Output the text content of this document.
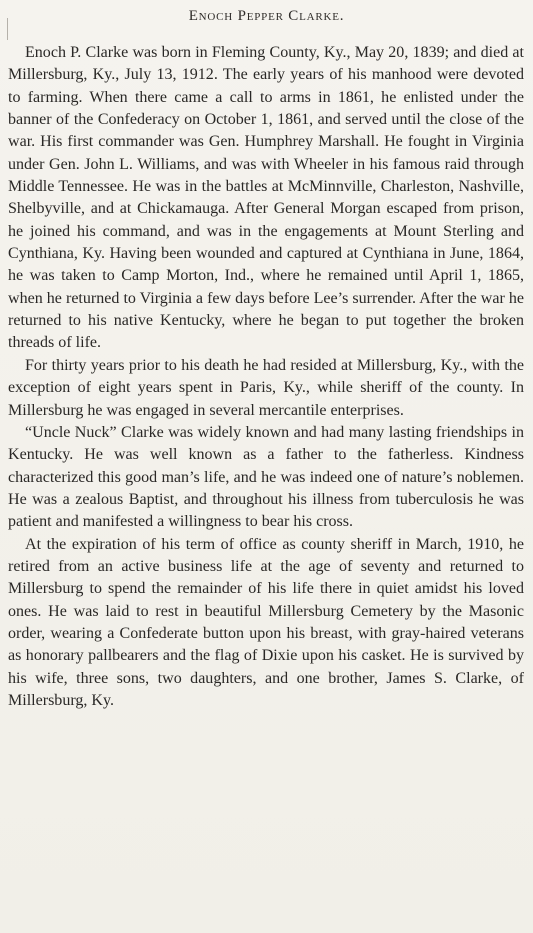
Enoch Pepper Clarke.

Enoch P. Clarke was born in Fleming County, Ky., May 20, 1839; and died at Millersburg, Ky., July 13, 1912. The early years of his manhood were devoted to farming. When there came a call to arms in 1861, he enlisted under the banner of the Confederacy on October 1, 1861, and served until the close of the war. His first commander was Gen. Humphrey Marshall. He fought in Virginia under Gen. John L. Williams, and was with Wheeler in his famous raid through Middle Tennessee. He was in the battles at McMinnville, Charleston, Nashville, Shelbyville, and at Chickamauga. After General Morgan escaped from prison, he joined his command, and was in the engagements at Mount Sterling and Cynthiana, Ky. Having been wounded and captured at Cynthiana in June, 1864, he was taken to Camp Morton, Ind., where he remained until April 1, 1865, when he returned to Virginia a few days before Lee’s surrender. After the war he returned to his native Kentucky, where he began to put together the broken threads of life.

For thirty years prior to his death he had resided at Millersburg, Ky., with the exception of eight years spent in Paris, Ky., while sheriff of the county. In Millersburg he was engaged in several mercantile enterprises.

“Uncle Nuck” Clarke was widely known and had many lasting friendships in Kentucky. He was well known as a father to the fatherless. Kindness characterized this good man’s life, and he was indeed one of nature’s noblemen. He was a zealous Baptist, and throughout his illness from tuberculosis he was patient and manifested a willingness to bear his cross.

At the expiration of his term of office as county sheriff in March, 1910, he retired from an active business life at the age of seventy and returned to Millersburg to spend the remainder of his life there in quiet amidst his loved ones. He was laid to rest in beautiful Millersburg Cemetery by the Masonic order, wearing a Confederate button upon his breast, with gray-haired veterans as honorary pallbearers and the flag of Dixie upon his casket. He is survived by his wife, three sons, two daughters, and one brother, James S. Clarke, of Millersburg, Ky.
